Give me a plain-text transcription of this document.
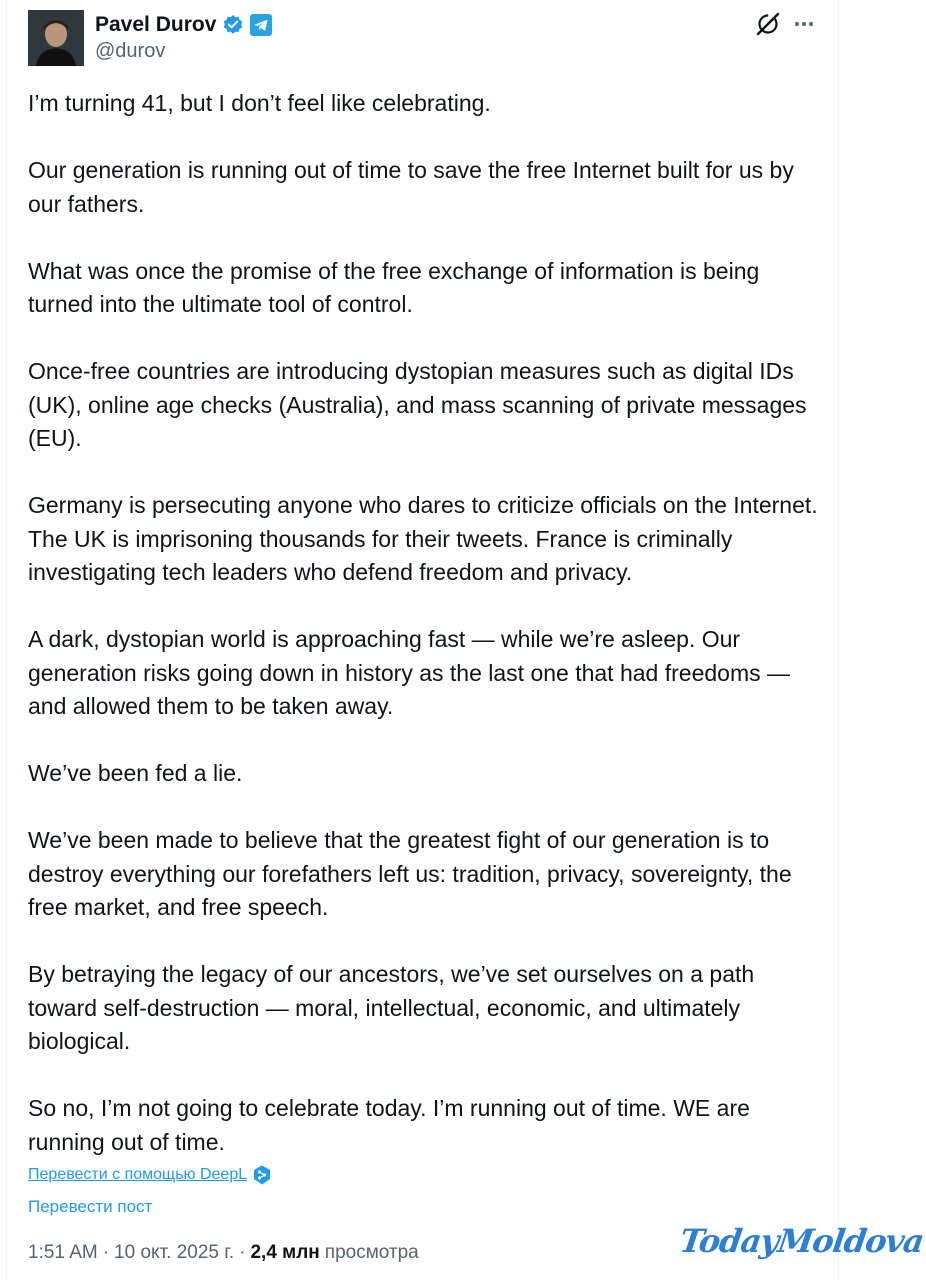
Pavel Durov
@durov

I’m turning 41, but I don’t feel like celebrating.

Our generation is running out of time to save the free Internet built for us by our fathers.

What was once the promise of the free exchange of information is being turned into the ultimate tool of control.

Once-free countries are introducing dystopian measures such as digital IDs (UK), online age checks (Australia), and mass scanning of private messages (EU).

Germany is persecuting anyone who dares to criticize officials on the Internet. The UK is imprisoning thousands for their tweets. France is criminally investigating tech leaders who defend freedom and privacy.

A dark, dystopian world is approaching fast — while we’re asleep. Our generation risks going down in history as the last one that had freedoms — and allowed them to be taken away.

We’ve been fed a lie.

We’ve been made to believe that the greatest fight of our generation is to destroy everything our forefathers left us: tradition, privacy, sovereignty, the free market, and free speech.

By betraying the legacy of our ancestors, we’ve set ourselves on a path toward self-destruction — moral, intellectual, economic, and ultimately biological.

So no, I’m not going to celebrate today. I’m running out of time. WE are running out of time.

Перевести с помощью DeepL
Перевести пост
1:51 AM · 10 окт. 2025 г. · 2,4 млн просмотра	TodayMoldova
